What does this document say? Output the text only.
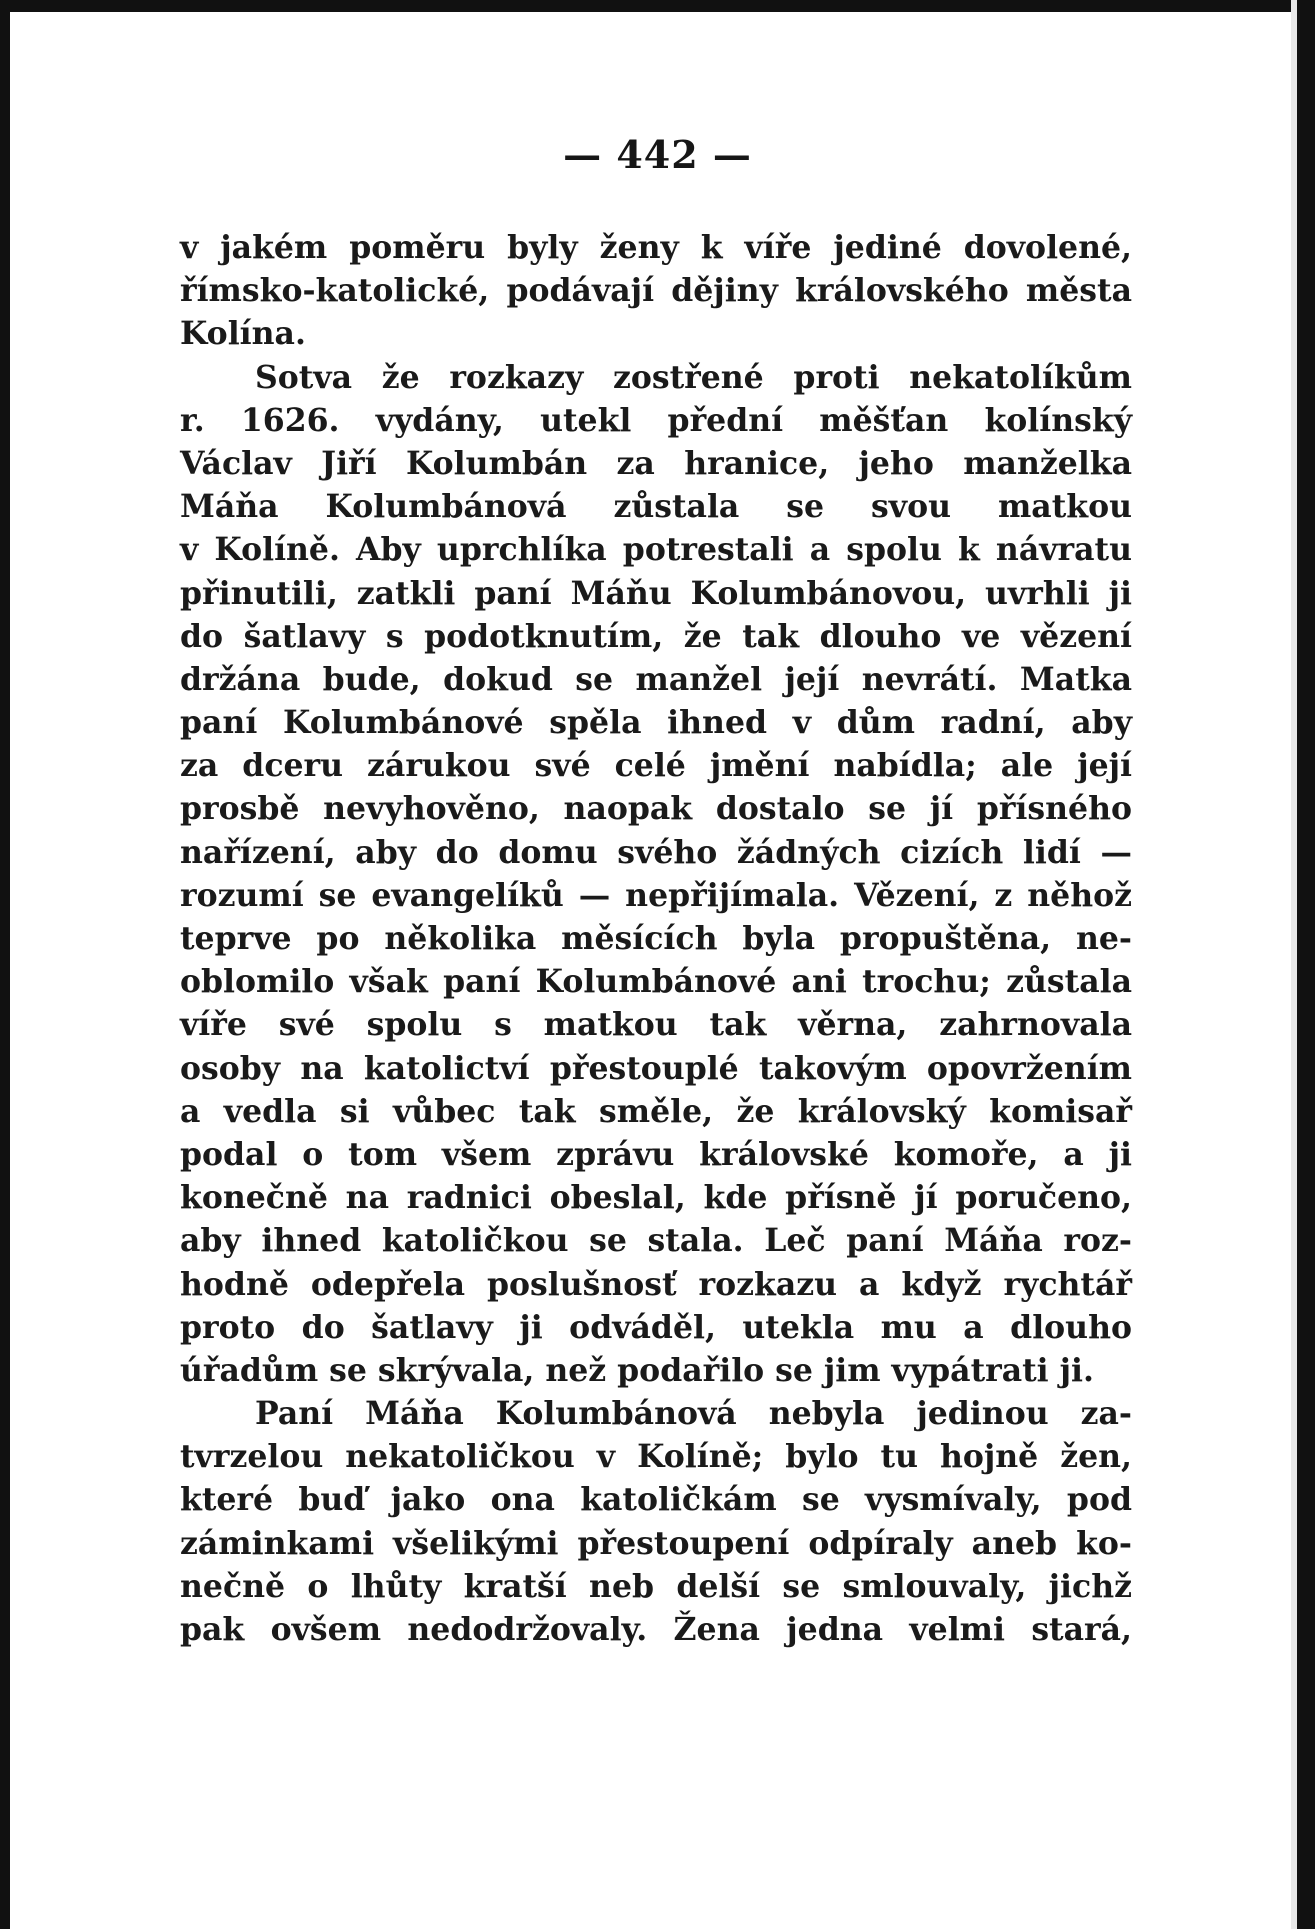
— 442 —
v jakém poměru byly ženy k víře jediné dovolené,
římsko-katolické, podávají dějiny královského města
Kolína.
Sotva že rozkazy zostřené proti nekatolíkům
r. 1626. vydány, utekl přední měšťan kolínský
Václav Jiří Kolumbán za hranice, jeho manželka
Máňa Kolumbánová zůstala se svou matkou
v Kolíně. Aby uprchlíka potrestali a spolu k návratu
přinutili, zatkli paní Máňu Kolumbánovou, uvrhli ji
do šatlavy s podotknutím, že tak dlouho ve vězení
držána bude, dokud se manžel její nevrátí. Matka
paní Kolumbánové spěla ihned v dům radní, aby
za dceru zárukou své celé jmění nabídla; ale její
prosbě nevyhověno, naopak dostalo se jí přísného
nařízení, aby do domu svého žádných cizích lidí —
rozumí se evangelíků — nepřijímala. Vězení, z něhož
teprve po několika měsících byla propuštěna, ne-
oblomilo však paní Kolumbánové ani trochu; zůstala
víře své spolu s matkou tak věrna, zahrnovala
osoby na katolictví přestouplé takovým opovržením
a vedla si vůbec tak směle, že královský komisař
podal o tom všem zprávu královské komoře, a ji
konečně na radnici obeslal, kde přísně jí poručeno,
aby ihned katoličkou se stala. Leč paní Máňa roz-
hodně odepřela poslušnosť rozkazu a když rychtář
proto do šatlavy ji odváděl, utekla mu a dlouho
úřadům se skrývala, než podařilo se jim vypátrati ji.
Paní Máňa Kolumbánová nebyla jedinou za-
tvrzelou nekatoličkou v Kolíně; bylo tu hojně žen,
které buď jako ona katoličkám se vysmívaly, pod
záminkami všelikými přestoupení odpíraly aneb ko-
nečně o lhůty kratší neb delší se smlouvaly, jichž
pak ovšem nedodržovaly. Žena jedna velmi stará,
